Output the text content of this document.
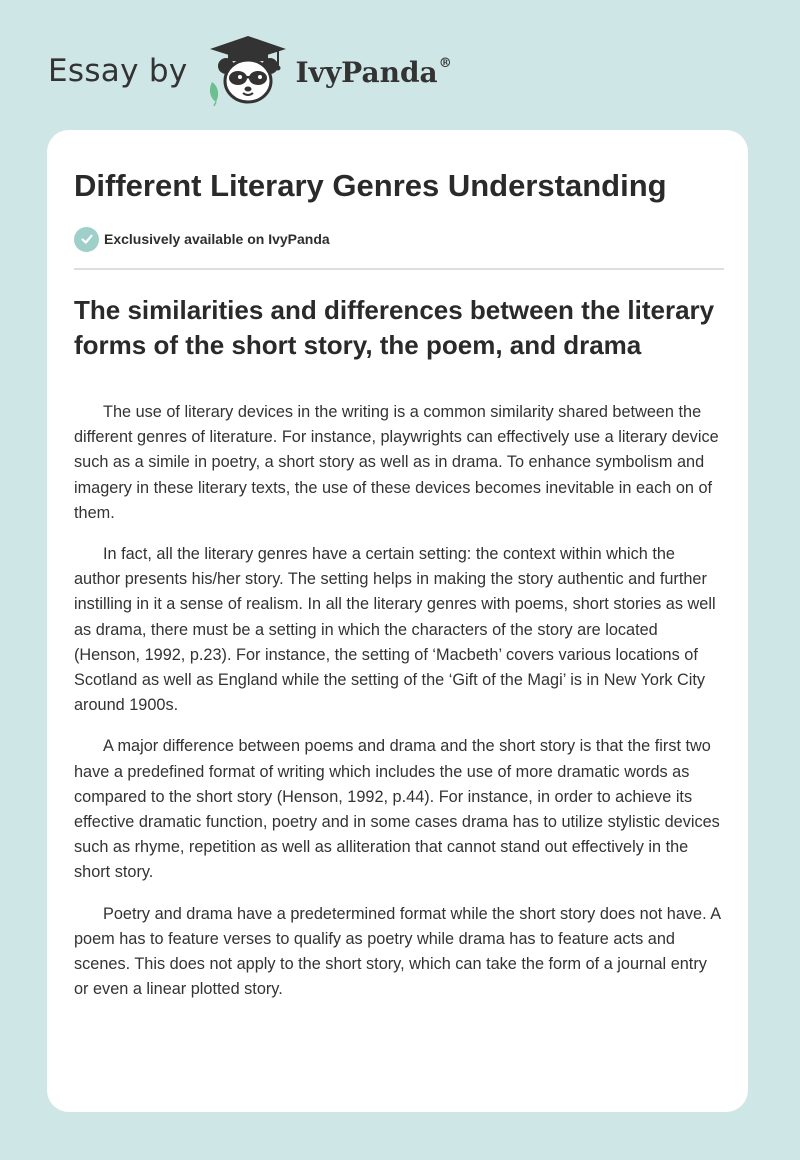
Essay by	IvyPanda®
Different Literary Genres Understanding
Exclusively available on IvyPanda
The similarities and differences between the literary forms of the short story, the poem, and drama

The use of literary devices in the writing is a common similarity shared between the different genres of literature. For instance, playwrights can effectively use a literary device such as a simile in poetry, a short story as well as in drama. To enhance symbolism and imagery in these literary texts, the use of these devices becomes inevitable in each on of them.

In fact, all the literary genres have a certain setting: the context within which the author presents his/her story. The setting helps in making the story authentic and further instilling in it a sense of realism. In all the literary genres with poems, short stories as well as drama, there must be a setting in which the characters of the story are located (Henson, 1992, p.23). For instance, the setting of ‘Macbeth’ covers various locations of Scotland as well as England while the setting of the ‘Gift of the Magi’ is in New York City around 1900s.

A major difference between poems and drama and the short story is that the first two have a predefined format of writing which includes the use of more dramatic words as compared to the short story (Henson, 1992, p.44). For instance, in order to achieve its effective dramatic function, poetry and in some cases drama has to utilize stylistic devices such as rhyme, repetition as well as alliteration that cannot stand out effectively in the short story.

Poetry and drama have a predetermined format while the short story does not have. A poem has to feature verses to qualify as poetry while drama has to feature acts and scenes. This does not apply to the short story, which can take the form of a journal entry or even a linear plotted story.
